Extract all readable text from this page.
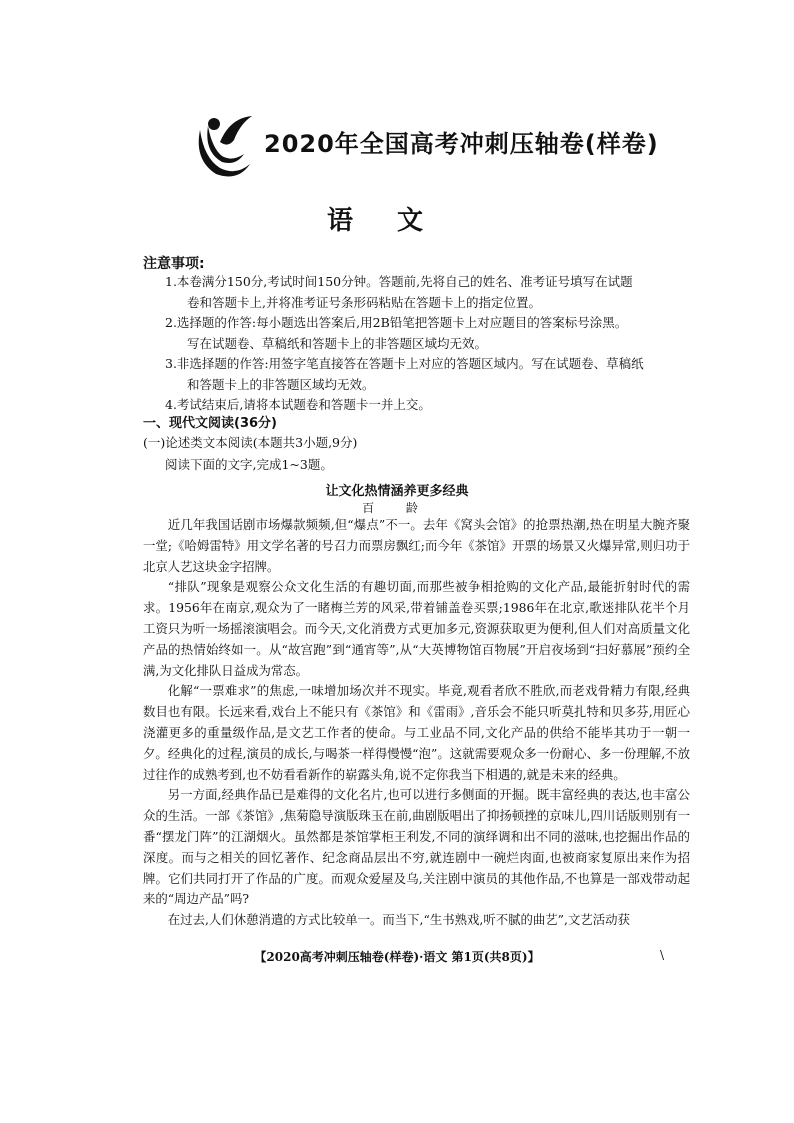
2020年全国高考冲刺压轴卷(样卷)
语文
注意事项:
1.本卷满分150分,考试时间150分钟。答题前,先将自己的姓名、准考证号填写在试题
卷和答题卡上,并将准考证号条形码粘贴在答题卡上的指定位置。
2.选择题的作答:每小题选出答案后,用2B铅笔把答题卡上对应题目的答案标号涂黑。
写在试题卷、草稿纸和答题卡上的非答题区域均无效。
3.非选择题的作答:用签字笔直接答在答题卡上对应的答题区域内。写在试题卷、草稿纸
和答题卡上的非答题区域均无效。
4.考试结束后,请将本试题卷和答题卡一并上交。
一、现代文阅读(36分)
(一)论述类文本阅读(本题共3小题,9分)
阅读下面的文字,完成1~3题。
让文化热情涵养更多经典
百 龄

近几年我国话剧市场爆款频频,但“爆点”不一。去年《窝头会馆》的抢票热潮,热在明星大腕齐聚一堂;《哈姆雷特》用文学名著的号召力而票房飘红;而今年《茶馆》开票的场景又火爆异常,则归功于北京人艺这块金字招牌。

“排队”现象是观察公众文化生活的有趣切面,而那些被争相抢购的文化产品,最能折射时代的需求。1956年在南京,观众为了一睹梅兰芳的风采,带着铺盖卷买票;1986年在北京,歌迷排队花半个月工资只为听一场摇滚演唱会。而今天,文化消费方式更加多元,资源获取更为便利,但人们对高质量文化产品的热情始终如一。从“故宫跑”到“通宵等”,从“大英博物馆百物展”开启夜场到“扫好慕展”预约全满,为文化排队日益成为常态。

化解“一票难求”的焦虑,一味增加场次并不现实。毕竟,观看者欣不胜欣,而老戏骨精力有限,经典数目也有限。长远来看,戏台上不能只有《茶馆》和《雷雨》,音乐会不能只听莫扎特和贝多芬,用匠心浇灌更多的重量级作品,是文艺工作者的使命。与工业品不同,文化产品的供给不能毕其功于一朝一夕。经典化的过程,演员的成长,与喝茶一样得慢慢“泡”。这就需要观众多一份耐心、多一份理解,不放过往作的成熟考到,也不妨看看新作的崭露头角,说不定你我当下相遇的,就是未来的经典。

另一方面,经典作品已是难得的文化名片,也可以进行多侧面的开掘。既丰富经典的表达,也丰富公众的生活。一部《茶馆》,焦菊隐导演版珠玉在前,曲剧版唱出了抑扬顿挫的京味儿,四川话版则别有一番“摆龙门阵”的江湖烟火。虽然都是茶馆掌柜王利发,不同的演绎调和出不同的滋味,也挖掘出作品的深度。而与之相关的回忆著作、纪念商品层出不穷,就连剧中一碗烂肉面,也被商家复原出来作为招牌。它们共同打开了作品的广度。而观众爱屋及乌,关注剧中演员的其他作品,不也算是一部戏带动起来的“周边产品”吗?

在过去,人们休憩消遣的方式比较单一。而当下,“生书熟戏,听不腻的曲艺”,文艺活动获

【2020高考冲刺压轴卷(样卷)·语文 第1页(共8页)】	\
